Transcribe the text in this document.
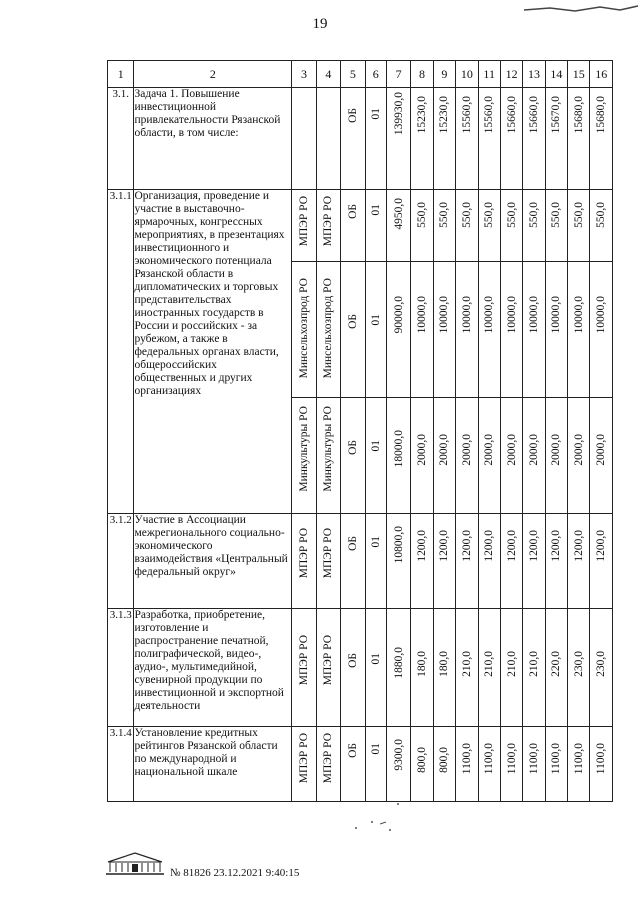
19
1	2	3	4	5	6	7	8	9	10	11	12	13	14	15	16
3.1.	Задача 1. Повышение инвестиционной привлекательности Рязанской области, в том числе:			ОБ	01	139930,0	15230,0	15230,0	15560,0	15560,0	15660,0	15660,0	15670,0	15680,0	15680,0

3.1.1	Организация, проведение и участие в выставочно-ярмарочных, конгрессных мероприятиях, в презентациях инвестиционного и экономического потенциала Рязанской области в дипломатических и торговых представительствах иностранных государств в России и российских - за рубежом, а также в федеральных органах власти, общероссийских общественных и других организациях	МПЭР РО	МПЭР РО	ОБ	01	4950,0	550,0	550,0	550,0	550,0	550,0	550,0	550,0	550,0	550,0

		Минсельхозпрод РО	Минсельхозпрод РО	ОБ	01	90000,0	10000,0	10000,0	10000,0	10000,0	10000,0	10000,0	10000,0	10000,0	10000,0

		Минкультуры РО	Минкультуры РО	ОБ	01	18000,0	2000,0	2000,0	2000,0	2000,0	2000,0	2000,0	2000,0	2000,0	2000,0

3.1.2	Участие в Ассоциации межрегионального социально-экономического взаимодействия «Центральный федеральный округ»	МПЭР РО	МПЭР РО	ОБ	01	10800,0	1200,0	1200,0	1200,0	1200,0	1200,0	1200,0	1200,0	1200,0	1200,0

3.1.3	Разработка, приобретение, изготовление и распространение печатной, полиграфической, видео-, аудио-, мультимедийной, сувенирной продукции по инвестиционной и экспортной деятельности	МПЭР РО	МПЭР РО	ОБ	01	1880,0	180,0	180,0	210,0	210,0	210,0	210,0	220,0	230,0	230,0

3.1.4	Установление кредитных рейтингов Рязанской области по международной и национальной шкале	МПЭР РО	МПЭР РО	ОБ	01	9300,0	800,0	800,0	1100,0	1100,0	1100,0	1100,0	1100,0	1100,0	1100,0
№ 81826 23.12.2021 9:40:15
